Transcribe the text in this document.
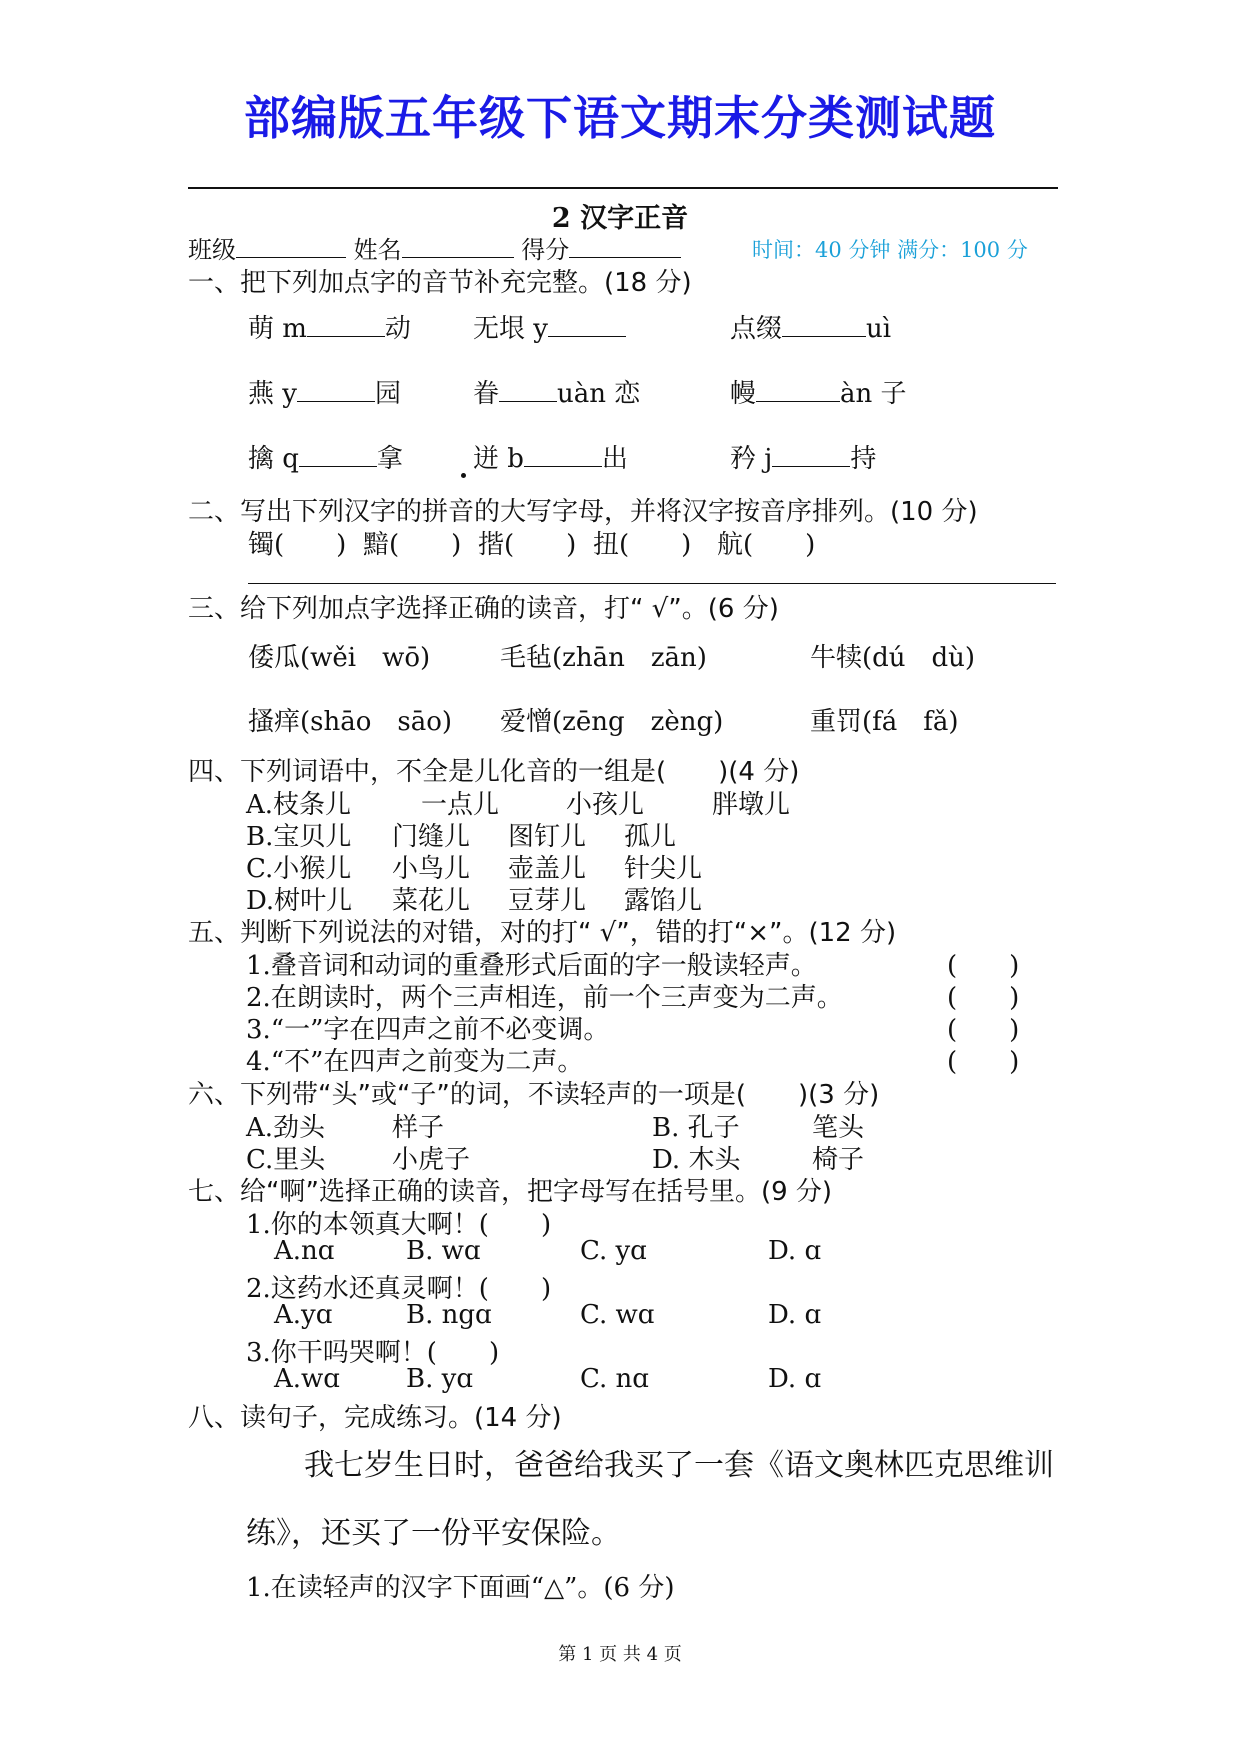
部编版五年级下语文期末分类测试题
2 汉字正音
班级	姓名	得分	时间：40 分钟 满分：100 分
一、把下列加点字的音节补充完整。(18 分)
萌 m	动 无垠 y	点缀	uì
燕 y	园	眷 uàn 恋	幔	àn 子
擒 q	拿	迸 b	出	矜 j	持
二、写出下列汉字的拼音的大写字母，并将汉字按音序排列。(10 分)
镯(　　) 黯(　　) 揩(　　) 扭(　　) 航(　　)
三、给下列加点字选择正确的读音，打“ √”。(6 分)
倭瓜(wěi　wō)	毛毡(zhān　zān)	牛犊(dú　dù)
搔痒(shāo　sāo) 爱憎(zēng　zèng)	重罚(fá　fǎ)
四、下列词语中，不全是儿化音的一组是(　　)(4 分)
A.枝条儿	一点儿	小孩儿	胖墩儿
B.宝贝儿 门缝儿 图钉儿 孤儿
C.小猴儿 小鸟儿 壶盖儿 针尖儿
D.树叶儿 菜花儿 豆芽儿 露馅儿
五、判断下列说法的对错，对的打“ √”，错的打“×”。(12 分)
1.叠音词和动词的重叠形式后面的字一般读轻声。	(　　)
2.在朗读时，两个三声相连，前一个三声变为二声。	(　　)
3.“一”字在四声之前不必变调。	(　　)
4.“不”在四声之前变为二声。	(　　)
六、下列带“头”或“子”的词，不读轻声的一项是(　　)(3 分)
A.劲头	样子	B. 孔子	笔头
C.里头	小虎子	D. 木头	椅子
七、给“啊”选择正确的读音，把字母写在括号里。(9 分)
1.你的本领真大啊！(　　)
A.nɑ	B. wɑ	C. yɑ	D. ɑ
2.这药水还真灵啊！(　　)
A.yɑ	B. ngɑ	C. wɑ	D. ɑ
3.你干吗哭啊！(　　)
A.wɑ	B. yɑ	C. nɑ	D. ɑ
八、读句子，完成练习。(14 分)
我七岁生日时，爸爸给我买了一套《语文奥林匹克思维训
练》，还买了一份平安保险。
1.在读轻声的汉字下面画“△”。(6 分)
第 1 页 共 4 页
